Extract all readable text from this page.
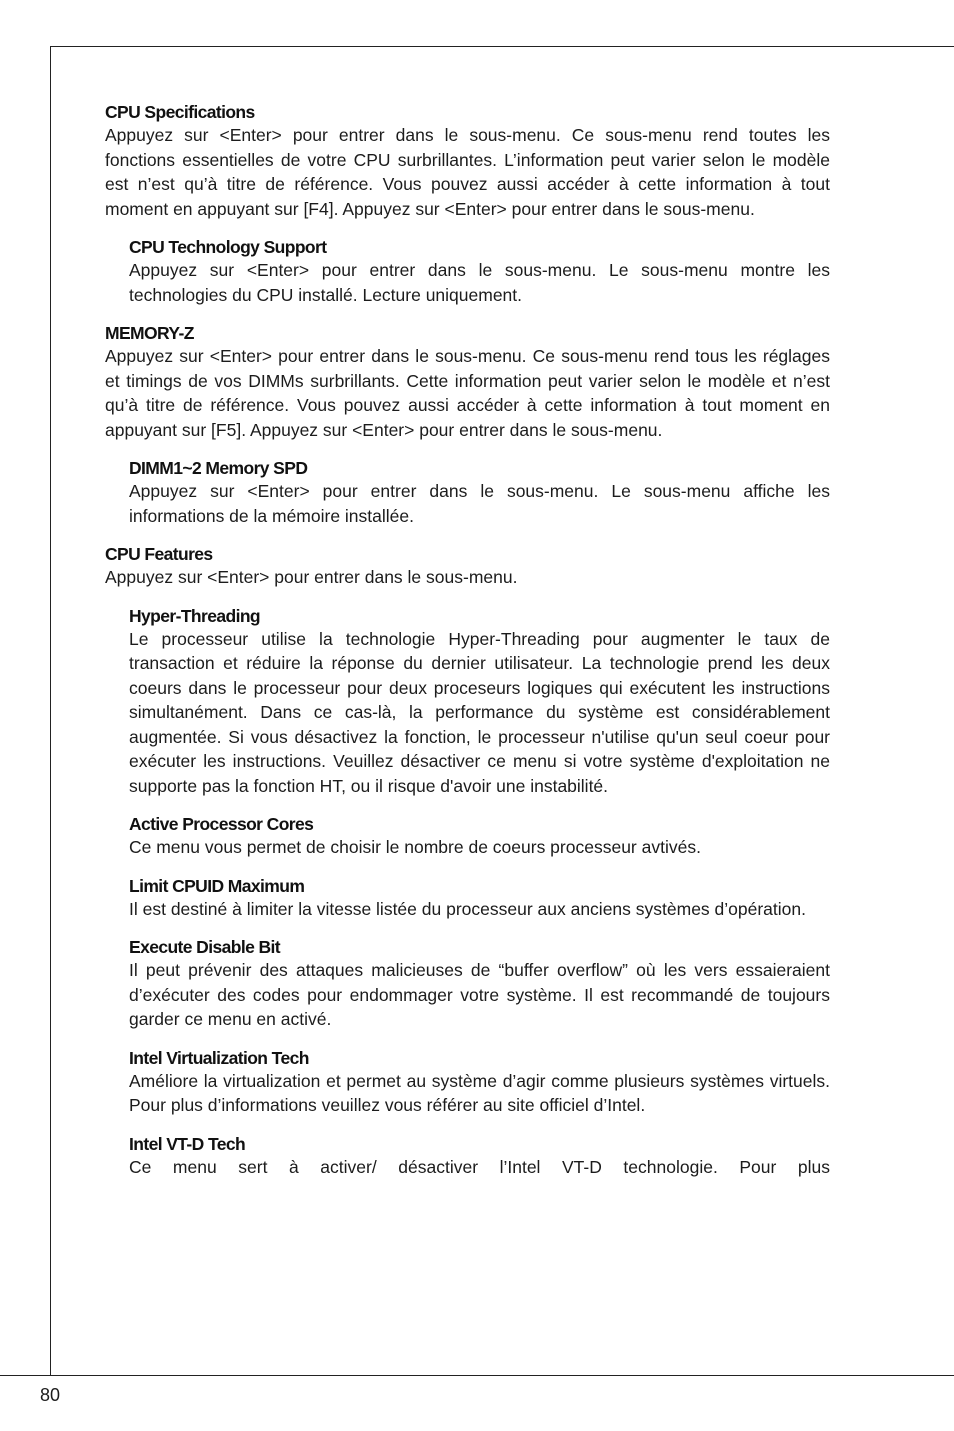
CPU Specifications

Appuyez sur <Enter> pour entrer dans le sous-menu. Ce sous-menu rend toutes les fonctions essentielles de votre CPU surbrillantes. L’information peut varier selon le modèle est n’est qu’à titre de référence. Vous pouvez aussi accéder à cette information à tout moment en appuyant sur [F4]. Appuyez sur <Enter> pour entrer dans le sous-menu.

CPU Technology Support

Appuyez sur <Enter> pour entrer dans le sous-menu. Le sous-menu montre les technologies du CPU installé. Lecture uniquement.

MEMORY-Z

Appuyez sur <Enter> pour entrer dans le sous-menu. Ce sous-menu rend tous les réglages et timings de vos DIMMs surbrillants. Cette information peut varier selon le modèle et n’est qu’à titre de référence. Vous pouvez aussi accéder à cette information à tout moment en appuyant sur [F5]. Appuyez sur <Enter> pour entrer dans le sous-menu.

DIMM1~2 Memory SPD

Appuyez sur <Enter> pour entrer dans le sous-menu. Le sous-menu affiche les informations de la mémoire installée.

CPU Features

Appuyez sur <Enter> pour entrer dans le sous-menu.

Hyper-Threading

Le processeur utilise la technologie Hyper-Threading pour augmenter le taux de transaction et réduire la réponse du dernier utilisateur. La technologie prend les deux coeurs dans le processeur pour deux proceseurs logiques qui exécutent les instructions simultanément. Dans ce cas-là, la performance du système est considérablement augmentée. Si vous désactivez la fonction, le processeur n'utilise qu'un seul coeur pour exécuter les instructions. Veuillez désactiver ce menu si votre système d'exploitation ne supporte pas la fonction HT, ou il risque d'avoir une instabilité.

Active Processor Cores

Ce menu vous permet de choisir le nombre de coeurs processeur avtivés.

Limit CPUID Maximum

Il est destiné à limiter la vitesse listée du processeur aux anciens systèmes d’opération.

Execute Disable Bit

Il peut prévenir des attaques malicieuses de “buffer overflow” où les vers essaieraient d’exécuter des codes pour endommager votre système. Il est recommandé de toujours garder ce menu en activé.

Intel Virtualization Tech

Améliore la virtualization et permet au système d’agir comme plusieurs systèmes virtuels. Pour plus d’informations veuillez vous référer au site officiel d’Intel.

Intel VT-D Tech

Ce menu sert à activer/ désactiver l’Intel VT-D technologie. Pour plus

80
